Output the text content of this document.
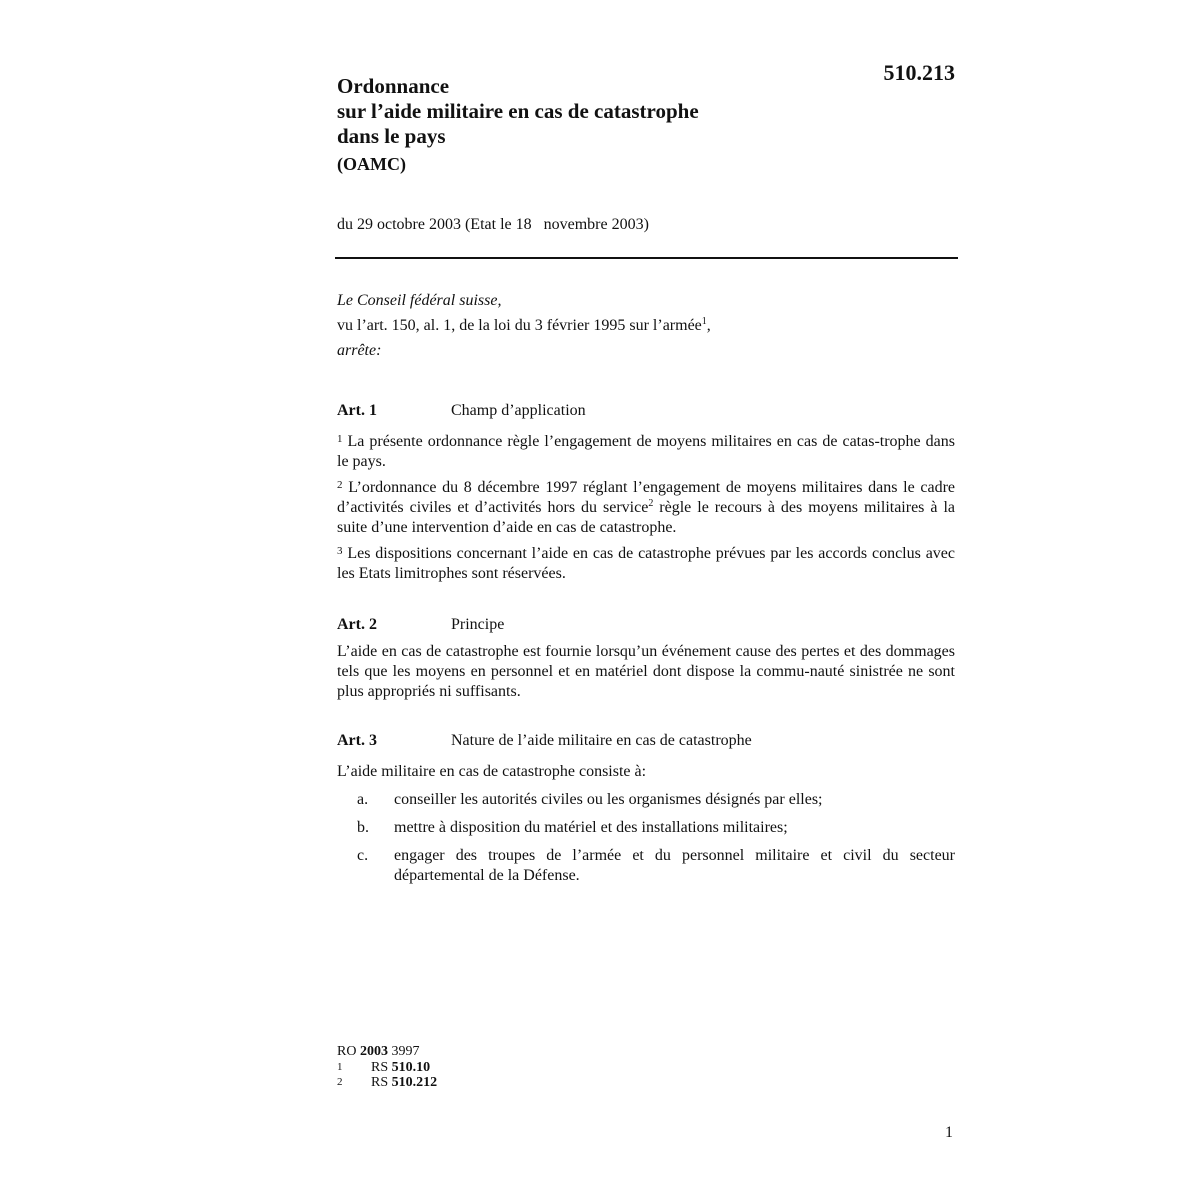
510.213
Ordonnance
sur l’aide militaire en cas de catastrophe
dans le pays
(OAMC)
du 29 octobre 2003 (Etat le 18   novembre 2003)
Le Conseil fédéral suisse,
vu l’art. 150, al. 1, de la loi du 3 février 1995 sur l’armée$^1$,
arrête:
Art. 1	Champ d’application
$^1$ La présente ordonnance règle l’engagement de moyens militaires en cas de catas-trophe dans le pays.
$^2$ L’ordonnance du 8 décembre 1997 réglant l’engagement de moyens militaires dans le cadre d’activités civiles et d’activités hors du service$^2$ règle le recours à des moyens militaires à la suite d’une intervention d’aide en cas de catastrophe.
$^3$ Les dispositions concernant l’aide en cas de catastrophe prévues par les accords conclus avec les Etats limitrophes sont réservées.
Art. 2	Principe
L’aide en cas de catastrophe est fournie lorsqu’un événement cause des pertes et des dommages tels que les moyens en personnel et en matériel dont dispose la commu-nauté sinistrée ne sont plus appropriés ni suffisants.
Art. 3	Nature de l’aide militaire en cas de catastrophe
L’aide militaire en cas de catastrophe consiste à:
a.	conseiller les autorités civiles ou les organismes désignés par elles;
b.	mettre à disposition du matériel et des installations militaires;
c.	engager des troupes de l’armée et du personnel militaire et civil du secteur départemental de la Défense.
RO 2003 3997
1	RS 510.10
2	RS 510.212
1
